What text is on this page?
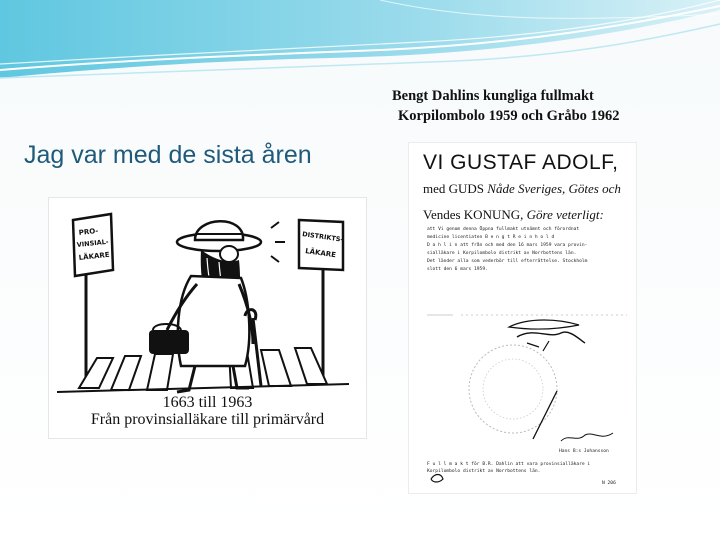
Jag var med de sista åren
Bengt Dahlins kungliga fullmakt
Korpilombolo 1959 och Gråbo 1962
PRO-
VINSIAL-
LÄKARE
DISTRIKTS-
LÄKARE
1663 till 1963
Från provinsialläkare till primärvård
VI GUSTAF ADOLF,
med GUDS Nåde Sveriges, Götes och
Vendes KONUNG, Göre veterligt:
att Vi genom denna Öppna fullmakt utnämnt och förordnat
medicine licentiaten B e n g t R e i n h o l d
D a h l i n att från och med den 16 mars 1959 vara provin-
sialläkare i Korpilombolo distrikt av Norrbottens län.
Det länder alla som vederbör till efterrättelse. Stockholm
slott den 6 mars 1959.
Hans B:s Johansson
F u l l m a k t för B.R. Dahlin att vara provinsialläkare i
Korpilombolo distrikt av Norrbottens län.
N 206
